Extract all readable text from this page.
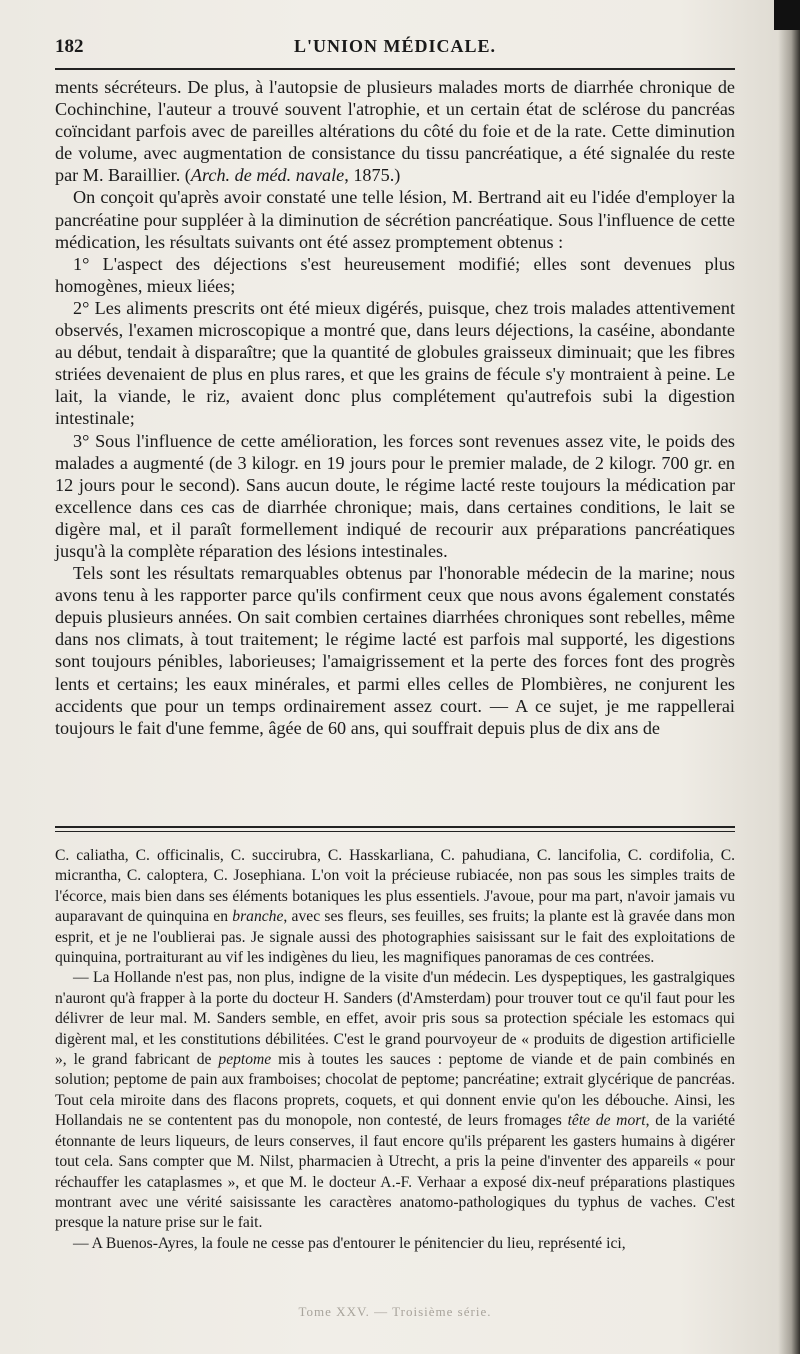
182	L'UNION MÉDICALE.

ments sécréteurs. De plus, à l'autopsie de plusieurs malades morts de diarrhée chronique de Cochinchine, l'auteur a trouvé souvent l'atrophie, et un certain état de sclérose du pancréas coïncidant parfois avec de pareilles altérations du côté du foie et de la rate. Cette diminution de volume, avec augmentation de consistance du tissu pancréatique, a été signalée du reste par M. Baraillier. (Arch. de méd. navale, 1875.)

On conçoit qu'après avoir constaté une telle lésion, M. Bertrand ait eu l'idée d'employer la pancréatine pour suppléer à la diminution de sécrétion pancréatique. Sous l'influence de cette médication, les résultats suivants ont été assez promptement obtenus :

1° L'aspect des déjections s'est heureusement modifié; elles sont devenues plus homogènes, mieux liées;

2° Les aliments prescrits ont été mieux digérés, puisque, chez trois malades attentivement observés, l'examen microscopique a montré que, dans leurs déjections, la caséine, abondante au début, tendait à disparaître; que la quantité de globules graisseux diminuait; que les fibres striées devenaient de plus en plus rares, et que les grains de fécule s'y montraient à peine. Le lait, la viande, le riz, avaient donc plus complétement qu'autrefois subi la digestion intestinale;

3° Sous l'influence de cette amélioration, les forces sont revenues assez vite, le poids des malades a augmenté (de 3 kilogr. en 19 jours pour le premier malade, de 2 kilogr. 700 gr. en 12 jours pour le second). Sans aucun doute, le régime lacté reste toujours la médication par excellence dans ces cas de diarrhée chronique; mais, dans certaines conditions, le lait se digère mal, et il paraît formellement indiqué de recourir aux préparations pancréatiques jusqu'à la complète réparation des lésions intestinales.

Tels sont les résultats remarquables obtenus par l'honorable médecin de la marine; nous avons tenu à les rapporter parce qu'ils confirment ceux que nous avons également constatés depuis plusieurs années. On sait combien certaines diarrhées chroniques sont rebelles, même dans nos climats, à tout traitement; le régime lacté est parfois mal supporté, les digestions sont toujours pénibles, laborieuses; l'amaigrissement et la perte des forces font des progrès lents et certains; les eaux minérales, et parmi elles celles de Plombières, ne conjurent les accidents que pour un temps ordinairement assez court. — A ce sujet, je me rappellerai toujours le fait d'une femme, âgée de 60 ans, qui souffrait depuis plus de dix ans de

C. caliatha, C. officinalis, C. succirubra, C. Hasskarliana, C. pahudiana, C. lancifolia, C. cordifolia, C. micrantha, C. caloptera, C. Josephiana. L'on voit la précieuse rubiacée, non pas sous les simples traits de l'écorce, mais bien dans ses éléments botaniques les plus essentiels. J'avoue, pour ma part, n'avoir jamais vu auparavant de quinquina en branche, avec ses fleurs, ses feuilles, ses fruits; la plante est là gravée dans mon esprit, et je ne l'oublierai pas. Je signale aussi des photographies saisissant sur le fait des exploitations de quinquina, portraiturant au vif les indigènes du lieu, les magnifiques panoramas de ces contrées.

— La Hollande n'est pas, non plus, indigne de la visite d'un médecin. Les dyspeptiques, les gastralgiques n'auront qu'à frapper à la porte du docteur H. Sanders (d'Amsterdam) pour trouver tout ce qu'il faut pour les délivrer de leur mal. M. Sanders semble, en effet, avoir pris sous sa protection spéciale les estomacs qui digèrent mal, et les constitutions débilitées. C'est le grand pourvoyeur de « produits de digestion artificielle », le grand fabricant de peptome mis à toutes les sauces : peptome de viande et de pain combinés en solution; peptome de pain aux framboises; chocolat de peptome; pancréatine; extrait glycérique de pancréas. Tout cela miroite dans des flacons proprets, coquets, et qui donnent envie qu'on les débouche. Ainsi, les Hollandais ne se contentent pas du monopole, non contesté, de leurs fromages tête de mort, de la variété étonnante de leurs liqueurs, de leurs conserves, il faut encore qu'ils préparent les gasters humains à digérer tout cela. Sans compter que M. Nilst, pharmacien à Utrecht, a pris la peine d'inventer des appareils « pour réchauffer les cataplasmes », et que M. le docteur A.-F. Verhaar a exposé dix-neuf préparations plastiques montrant avec une vérité saisissante les caractères anatomo-pathologiques du typhus de vaches. C'est presque la nature prise sur le fait.

— A Buenos-Ayres, la foule ne cesse pas d'entourer le pénitencier du lieu, représenté ici,

Tome XXV. — Troisième série.
